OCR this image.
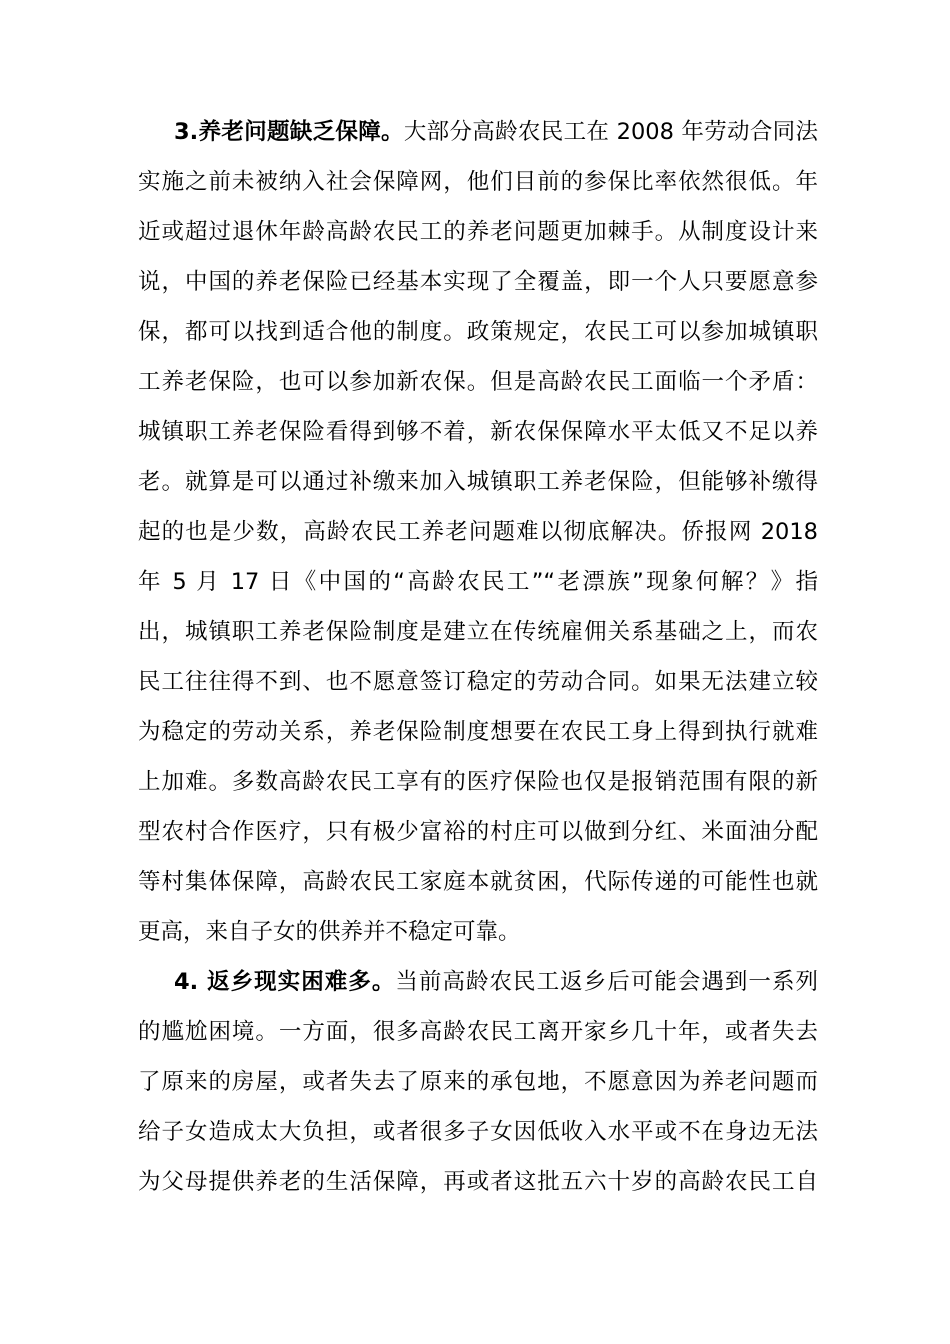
3.养老问题缺乏保障。大部分高龄农民工在 2008 年劳动合同法
实施之前未被纳入社会保障网，他们目前的参保比率依然很低。年
近或超过退休年龄高龄农民工的养老问题更加棘手。从制度设计来
说，中国的养老保险已经基本实现了全覆盖，即一个人只要愿意参
保，都可以找到适合他的制度。政策规定，农民工可以参加城镇职
工养老保险，也可以参加新农保。但是高龄农民工面临一个矛盾：
城镇职工养老保险看得到够不着，新农保保障水平太低又不足以养
老。就算是可以通过补缴来加入城镇职工养老保险，但能够补缴得
起的也是少数，高龄农民工养老问题难以彻底解决。侨报网 2018
年 5 月 17 日《中国的“高龄农民工”“老漂族”现象何解？》指
出，城镇职工养老保险制度是建立在传统雇佣关系基础之上，而农
民工往往得不到、也不愿意签订稳定的劳动合同。如果无法建立较
为稳定的劳动关系，养老保险制度想要在农民工身上得到执行就难
上加难。多数高龄农民工享有的医疗保险也仅是报销范围有限的新
型农村合作医疗，只有极少富裕的村庄可以做到分红、米面油分配
等村集体保障，高龄农民工家庭本就贫困，代际传递的可能性也就
更高，来自子女的供养并不稳定可靠。
4. 返乡现实困难多。当前高龄农民工返乡后可能会遇到一系列
的尴尬困境。一方面，很多高龄农民工离开家乡几十年，或者失去
了原来的房屋，或者失去了原来的承包地，不愿意因为养老问题而
给子女造成太大负担，或者很多子女因低收入水平或不在身边无法
为父母提供养老的生活保障，再或者这批五六十岁的高龄农民工自
